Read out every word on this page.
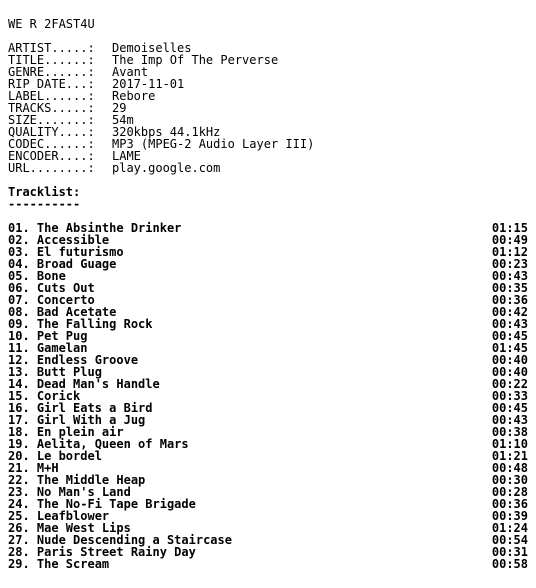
WE R 2FAST4U
ARTIST.....:	Demoiselles
TITLE......:	The Imp Of The Perverse
GENRE......:	Avant
RIP DATE...:	2017-11-01
LABEL......:	Rebore
TRACKS.....:	29
SIZE.......:	54m
QUALITY....:	320kbps 44.1kHz
CODEC......:	MP3 (MPEG-2 Audio Layer III)
ENCODER....:	LAME
URL........:	play.google.com
Tracklist:
----------
01. The Absinthe Drinker	01:15
02. Accessible	00:49
03. El futurismo	01:12
04. Broad Guage	00:23
05. Bone	00:43
06. Cuts Out	00:35
07. Concerto	00:36
08. Bad Acetate	00:42
09. The Falling Rock	00:43
10. Pet Pug	00:45
11. Gamelan	01:45
12. Endless Groove	00:40
13. Butt Plug	00:40
14. Dead Man's Handle	00:22
15. Corick	00:33
16. Girl Eats a Bird	00:45
17. Girl With a Jug	00:43
18. En plein air	00:38
19. Aelita, Queen of Mars	01:10
20. Le bordel	01:21
21. M+H	00:48
22. The Middle Heap	00:30
23. No Man's Land	00:28
24. The No-Fi Tape Brigade	00:36
25. Leafblower	00:39
26. Mae West Lips	01:24
27. Nude Descending a Staircase	00:54
28. Paris Street Rainy Day	00:31
29. The Scream	00:58
